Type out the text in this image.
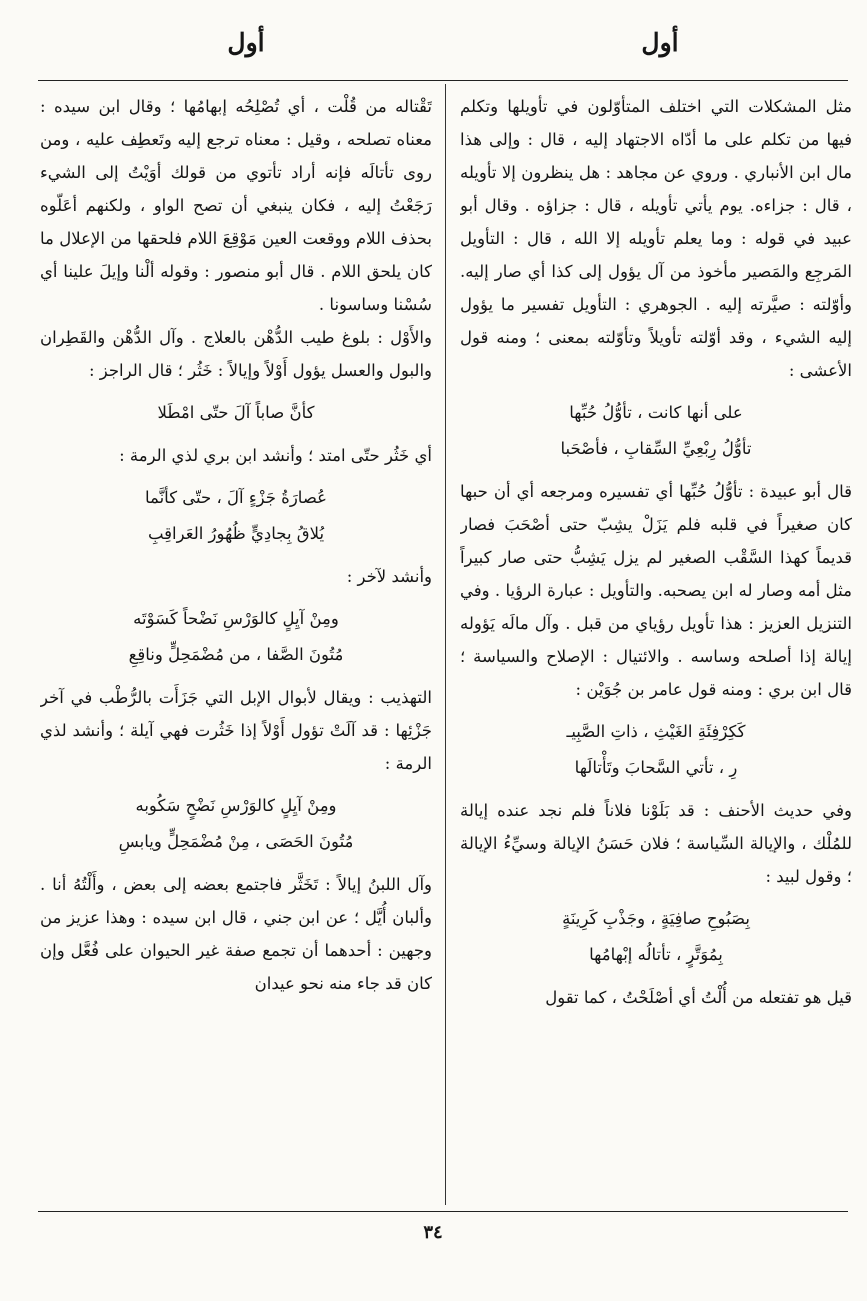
أول	أول

مثل المشكلات التي اختلف المتأوّلون في تأويلها وتكلم فيها من تكلم على ما أدّاه الاجتهاد إليه ، قال : وإلى هذا مال ابن الأنباري . وروي عن مجاهد : هل ينظرون إلا تأويله ، قال : جزاءه. يوم يأتي تأويله ، قال : جزاؤه . وقال أبو عبيد في قوله : وما يعلم تأويله إلا الله ، قال : التأويل المَرجِع والمَصير مأخوذ من آل يؤول إلى كذا أي صار إليه. وأوّلته : صيَّرته إليه . الجوهري : التأويل تفسير ما يؤول إليه الشيء ، وقد أوّلته تأويلاً وتأوّلته بمعنى ؛ ومنه قول الأعشى :

على أنها كانت ، تأوُّلُ حُبِّها
تأوُّلُ رِبْعِيِّ السِّقابِ ، فأصْحَبا

قال أبو عبيدة : تأوُّلُ حُبِّها أي تفسيره ومرجعه أي أن حبها كان صغيراً في قلبه فلم يَزَلْ يشِبّ حتى أصْحَبَ فصار قديماً كهذا السَّقْب الصغير لم يزل يَشِبُّ حتى صار كبيراً مثل أمه وصار له ابن يصحبه. والتأويل : عبارة الرؤيا . وفي التنزيل العزيز : هذا تأويل رؤياي من قبل . وآل مالَه يَؤوله إيالة إذا أصلحه وساسه . والائتيال : الإصلاح والسياسة ؛ قال ابن بري : ومنه قول عامر بن جُوَيْن :

كَكِرْفِئَةِ الغَيْثِ ، ذاتِ الصَّبِيـ
رِ ، تأتي السَّحابَ وتَأْتالَها

وفي حديث الأحنف : قد بَلَوْنا فلاناً فلم نجد عنده إيالة للمُلْك ، والإيالة السِّياسة ؛ فلان حَسَنُ الإيالة وسيِّءُ الإيالة ؛ وقول لبيد :

بِصَبُوحِ صافِيَةٍ ، وجَذْبِ كَرِينَةٍ
بِمُوَتَّرٍ ، تأتالُه إبْهامُها

قيل هو تفتعله من أُلْتُ أي أصْلَحْتُ ، كما تقول

تَقْتاله من قُلْت ، أي تُصْلِحُه إبهامُها ؛ وقال ابن سيده : معناه تصلحه ، وقيل : معناه ترجع إليه وتَعطِف عليه ، ومن روى تأتالَه فإنه أراد تأتوي من قولك أوَيْتُ إلى الشيء رَجَعْتُ إليه ، فكان ينبغي أن تصح الواو ، ولكنهم أعَلّوه بحذف اللام ووقعت العين مَوْقِعَ اللام فلحقها من الإعلال ما كان يلحق اللام . قال أبو منصور : وقوله ألْنا وإيلَ علينا أي سُسْنا وساسونا .

والأَوْل : بلوغ طيب الدُّهْن بالعلاج . وآل الدُّهْن والقَطِران والبول والعسل يؤول أَوْلاً وإيالاً : خَثُر ؛ قال الراجز :

كأنَّ صاباً آلَ حتّى امْطَلا

أي خَثُر حتّى امتد ؛ وأنشد ابن بري لذي الرمة :

عُصارَةُ جَزْءٍ آلَ ، حتّى كأنَّما
يُلاقُ بِجادِيٍّ ظُهُورُ العَراقِبِ

وأنشد لآخر :

ومِنْ آيِلٍ كالوَرْسِ نَضْحاً كَسَوْتَه
مُتُونَ الصَّفا ، من مُضْمَحِلٍّ وناقِعِ

التهذيب : ويقال لأبوال الإبل التي جَزَأَت بالرُّطْب في آخر جَزْئِها : قد آلَتْ تؤول أَوْلاً إذا خَثُرت فهي آيلة ؛ وأنشد لذي الرمة :

ومِنْ آيِلٍ كالوَرْسِ نَضْحٍ سَكُوبه
مُتُونَ الحَصَى ، مِنْ مُضْمَحِلٍّ ويابسِ

وآل اللبنُ إيالاً : تَخَثَّر فاجتمع بعضه إلى بعض ، وأَلْتُهُ أنا . وألبان أُيَّل ؛ عن ابن جني ، قال ابن سيده : وهذا عزيز من وجهين : أحدهما أن تجمع صفة غير الحيوان على فُعَّل وإن كان قد جاء منه نحو عيدان

٣٤
